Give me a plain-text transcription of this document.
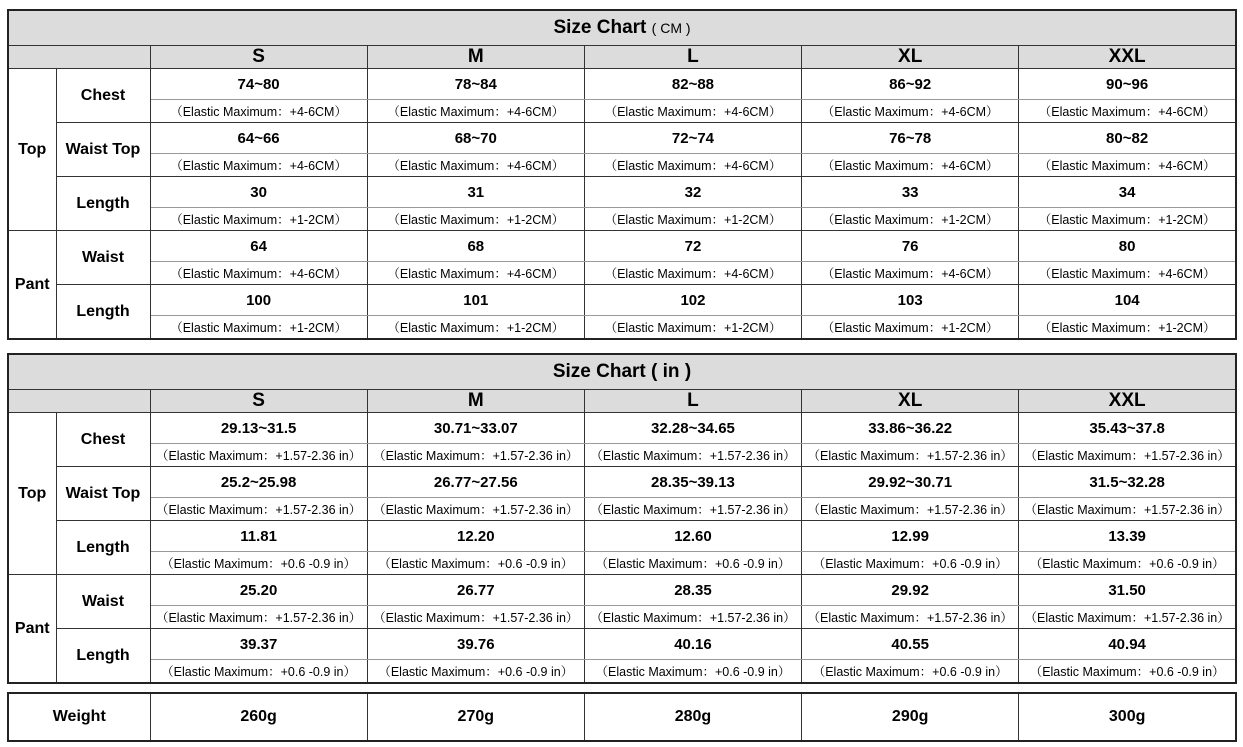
Size Chart ( CM )						
		S	M	L	XL	XXL
Top	Chest	74~80	78~84	82~88	86~92	90~96
		（Elastic Maximum：+4-6CM）	（Elastic Maximum：+4-6CM）	（Elastic Maximum：+4-6CM）	（Elastic Maximum：+4-6CM）	（Elastic Maximum：+4-6CM）
	Waist Top	64~66	68~70	72~74	76~78	80~82
		（Elastic Maximum：+4-6CM）	（Elastic Maximum：+4-6CM）	（Elastic Maximum：+4-6CM）	（Elastic Maximum：+4-6CM）	（Elastic Maximum：+4-6CM）
	Length	30	31	32	33	34
		（Elastic Maximum：+1-2CM）	（Elastic Maximum：+1-2CM）	（Elastic Maximum：+1-2CM）	（Elastic Maximum：+1-2CM）	（Elastic Maximum：+1-2CM）
Pant	Waist	64	68	72	76	80
		（Elastic Maximum：+4-6CM）	（Elastic Maximum：+4-6CM）	（Elastic Maximum：+4-6CM）	（Elastic Maximum：+4-6CM）	（Elastic Maximum：+4-6CM）
	Length	100	101	102	103	104
		（Elastic Maximum：+1-2CM）	（Elastic Maximum：+1-2CM）	（Elastic Maximum：+1-2CM）	（Elastic Maximum：+1-2CM）	（Elastic Maximum：+1-2CM）
Size Chart ( in )						
		S	M	L	XL	XXL
Top	Chest	29.13~31.5	30.71~33.07	32.28~34.65	33.86~36.22	35.43~37.8
		（Elastic Maximum：+1.57-2.36 in）	（Elastic Maximum：+1.57-2.36 in）	（Elastic Maximum：+1.57-2.36 in）	（Elastic Maximum：+1.57-2.36 in）	（Elastic Maximum：+1.57-2.36 in）
	Waist Top	25.2~25.98	26.77~27.56	28.35~39.13	29.92~30.71	31.5~32.28
		（Elastic Maximum：+1.57-2.36 in）	（Elastic Maximum：+1.57-2.36 in）	（Elastic Maximum：+1.57-2.36 in）	（Elastic Maximum：+1.57-2.36 in）	（Elastic Maximum：+1.57-2.36 in）
	Length	11.81	12.20	12.60	12.99	13.39
		（Elastic Maximum：+0.6 -0.9 in）	（Elastic Maximum：+0.6 -0.9 in）	（Elastic Maximum：+0.6 -0.9 in）	（Elastic Maximum：+0.6 -0.9 in）	（Elastic Maximum：+0.6 -0.9 in）
Pant	Waist	25.20	26.77	28.35	29.92	31.50
		（Elastic Maximum：+1.57-2.36 in）	（Elastic Maximum：+1.57-2.36 in）	（Elastic Maximum：+1.57-2.36 in）	（Elastic Maximum：+1.57-2.36 in）	（Elastic Maximum：+1.57-2.36 in）
	Length	39.37	39.76	40.16	40.55	40.94
		（Elastic Maximum：+0.6 -0.9 in）	（Elastic Maximum：+0.6 -0.9 in）	（Elastic Maximum：+0.6 -0.9 in）	（Elastic Maximum：+0.6 -0.9 in）	（Elastic Maximum：+0.6 -0.9 in）
Weight	260g	270g	280g	290g	300g
